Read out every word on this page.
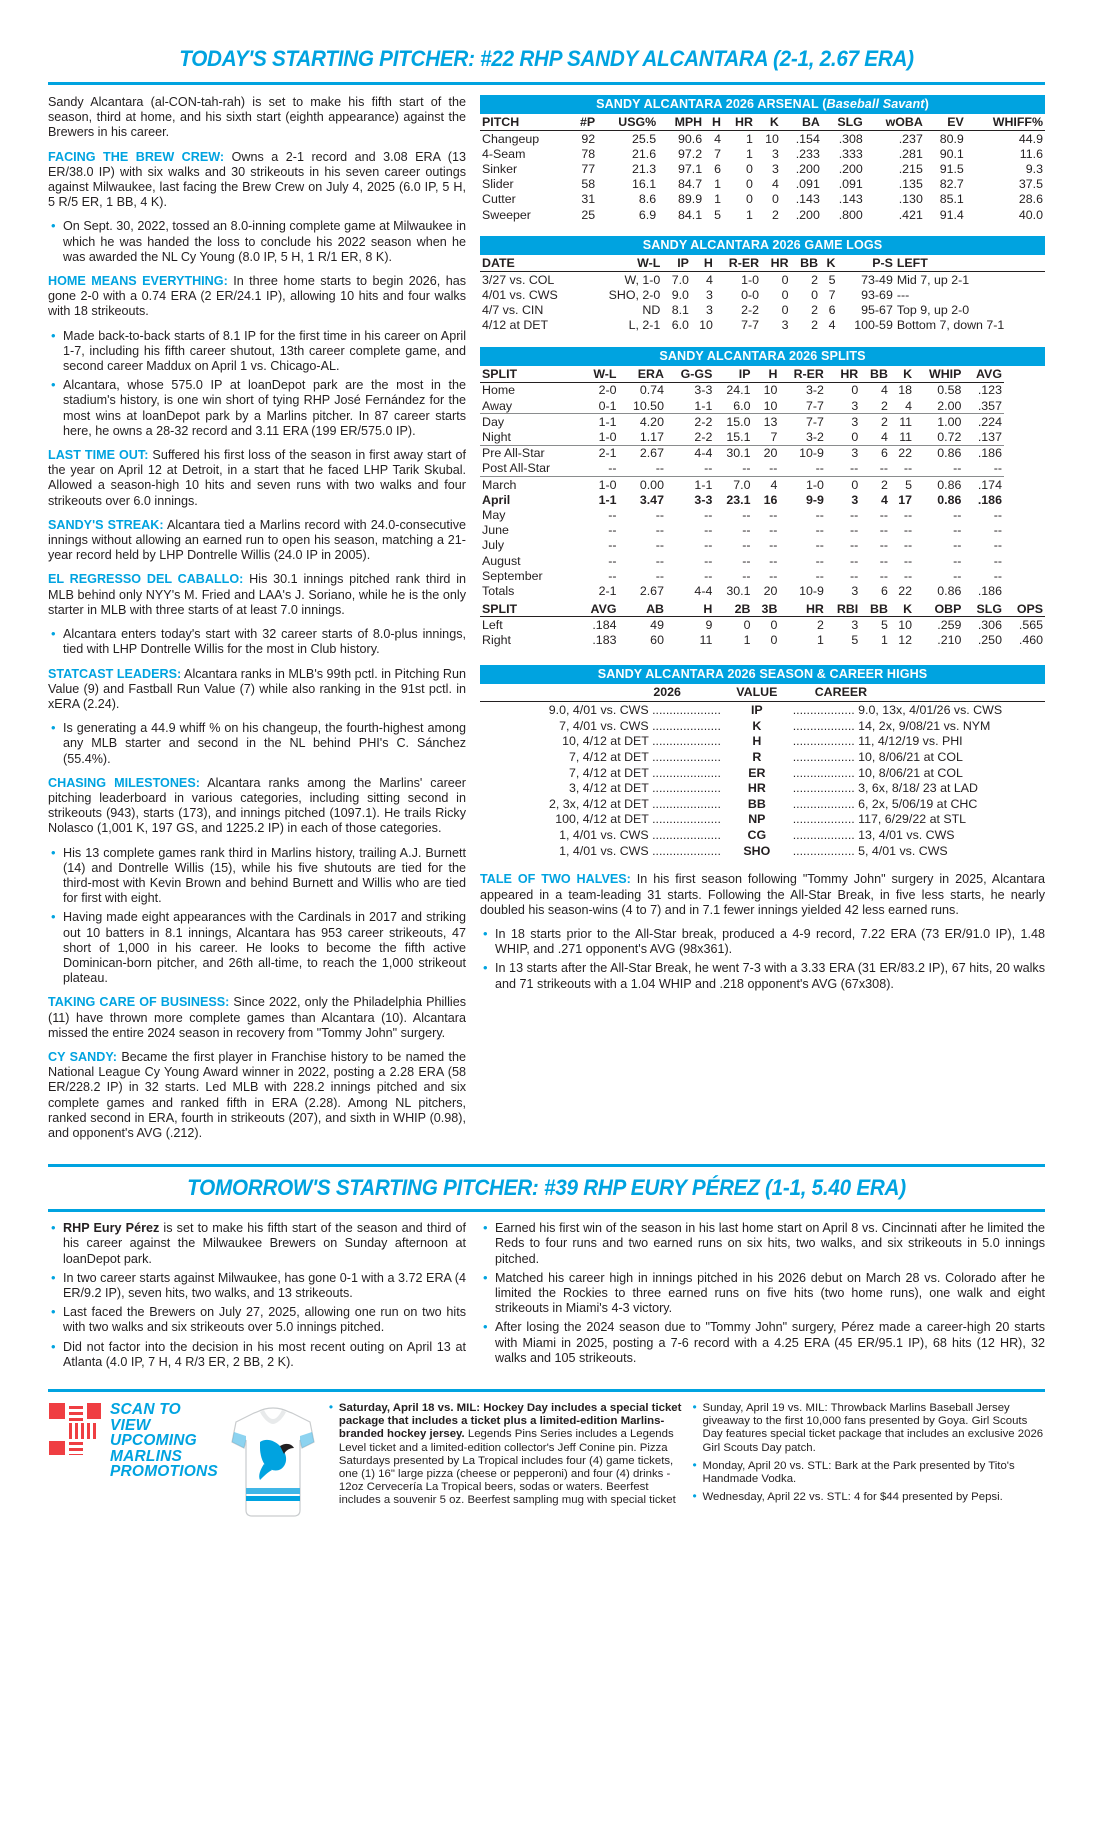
TODAY'S STARTING PITCHER: #22 RHP SANDY ALCANTARA (2-1, 2.67 ERA)

Sandy Alcantara (al-CON-tah-rah) is set to make his fifth start of the season, third at home, and his sixth start (eighth appearance) against the Brewers in his career.

FACING THE BREW CREW: Owns a 2-1 record and 3.08 ERA (13 ER/38.0 IP) with six walks and 30 strikeouts in his seven career outings against Milwaukee, last facing the Brew Crew on July 4, 2025 (6.0 IP, 5 H, 5 R/5 ER, 1 BB, 4 K).

• On Sept. 30, 2022, tossed an 8.0-inning complete game at Milwaukee in which he was handed the loss to conclude his 2022 season when he was awarded the NL Cy Young (8.0 IP, 5 H, 1 R/1 ER, 8 K).

HOME MEANS EVERYTHING: In three home starts to begin 2026, has gone 2-0 with a 0.74 ERA (2 ER/24.1 IP), allowing 10 hits and four walks with 18 strikeouts.

• Made back-to-back starts of 8.1 IP for the first time in his career on April 1-7, including his fifth career shutout, 13th career complete game, and second career Maddux on April 1 vs. Chicago-AL.
• Alcantara, whose 575.0 IP at loanDepot park are the most in the stadium's history, is one win short of tying RHP José Fernández for the most wins at loanDepot park by a Marlins pitcher. In 87 career starts here, he owns a 28-32 record and 3.11 ERA (199 ER/575.0 IP).

LAST TIME OUT: Suffered his first loss of the season in first away start of the year on April 12 at Detroit, in a start that he faced LHP Tarik Skubal. Allowed a season-high 10 hits and seven runs with two walks and four strikeouts over 6.0 innings.

SANDY'S STREAK: Alcantara tied a Marlins record with 24.0-consecutive innings without allowing an earned run to open his season, matching a 21-year record held by LHP Dontrelle Willis (24.0 IP in 2005).

EL REGRESSO DEL CABALLO: His 30.1 innings pitched rank third in MLB behind only NYY's M. Fried and LAA's J. Soriano, while he is the only starter in MLB with three starts of at least 7.0 innings.

• Alcantara enters today's start with 32 career starts of 8.0-plus innings, tied with LHP Dontrelle Willis for the most in Club history.

STATCAST LEADERS: Alcantara ranks in MLB's 99th pctl. in Pitching Run Value (9) and Fastball Run Value (7) while also ranking in the 91st pctl. in xERA (2.24).

• Is generating a 44.9 whiff % on his changeup, the fourth-highest among any MLB starter and second in the NL behind PHI's C. Sánchez (55.4%).

CHASING MILESTONES: Alcantara ranks among the Marlins' career pitching leaderboard in various categories, including sitting second in strikeouts (943), starts (173), and innings pitched (1097.1). He trails Ricky Nolasco (1,001 K, 197 GS, and 1225.2 IP) in each of those categories.

• His 13 complete games rank third in Marlins history, trailing A.J. Burnett (14) and Dontrelle Willis (15), while his five shutouts are tied for the third-most with Kevin Brown and behind Burnett and Willis who are tied for first with eight.
• Having made eight appearances with the Cardinals in 2017 and striking out 10 batters in 8.1 innings, Alcantara has 953 career strikeouts, 47 short of 1,000 in his career. He looks to become the fifth active Dominican-born pitcher, and 26th all-time, to reach the 1,000 strikeout plateau.

TAKING CARE OF BUSINESS: Since 2022, only the Philadelphia Phillies (11) have thrown more complete games than Alcantara (10). Alcantara missed the entire 2024 season in recovery from "Tommy John" surgery.

CY SANDY: Became the first player in Franchise history to be named the National League Cy Young Award winner in 2022, posting a 2.28 ERA (58 ER/228.2 IP) in 32 starts. Led MLB with 228.2 innings pitched and six complete games and ranked fifth in ERA (2.28). Among NL pitchers, ranked second in ERA, fourth in strikeouts (207), and sixth in WHIP (0.98), and opponent's AVG (.212).

SANDY ALCANTARA 2026 ARSENAL (Baseball Savant)
PITCH	#P	USG%	MPH	H	HR	K	BA	SLG	wOBA	EV	WHIFF%
Changeup	92	25.5	90.6	4	1	10	.154	.308	.237	80.9	44.9
4-Seam	78	21.6	97.2	7	1	3	.233	.333	.281	90.1	11.6
Sinker	77	21.3	97.1	6	0	3	.200	.200	.215	91.5	9.3
Slider	58	16.1	84.7	1	0	4	.091	.091	.135	82.7	37.5
Cutter	31	8.6	89.9	1	0	0	.143	.143	.130	85.1	28.6
Sweeper	25	6.9	84.1	5	1	2	.200	.800	.421	91.4	40.0
SANDY ALCANTARA 2026 GAME LOGS
DATE	W-L	IP	H	R-ER	HR	BB	K	P-S	LEFT
3/27 vs. COL	W, 1-0	7.0	4	1-0	0	2	5	73-49	Mid 7, up 2-1
4/01 vs. CWS	SHO, 2-0	9.0	3	0-0	0	0	7	93-69	---
4/7 vs. CIN	ND	8.1	3	2-2	0	2	6	95-67	Top 9, up 2-0
4/12 at DET	L, 2-1	6.0	10	7-7	3	2	4	100-59	Bottom 7, down 7-1
SANDY ALCANTARA 2026 SPLITS
SPLIT	W-L	ERA	G-GS	IP	H	R-ER	HR	BB	K	WHIP	AVG	
Home	2-0	0.74	3-3	24.1	10	3-2	0	4	18	0.58	.123	
Away	0-1	10.50	1-1	6.0	10	7-7	3	2	4	2.00	.357	
Day	1-1	4.20	2-2	15.0	13	7-7	3	2	11	1.00	.224	
Night	1-0	1.17	2-2	15.1	7	3-2	0	4	11	0.72	.137	
Pre All-Star	2-1	2.67	4-4	30.1	20	10-9	3	6	22	0.86	.186	
Post All-Star	--	--	--	--	--	--	--	--	--	--	--	
March	1-0	0.00	1-1	7.0	4	1-0	0	2	5	0.86	.174	
April	1-1	3.47	3-3	23.1	16	9-9	3	4	17	0.86	.186	
May	--	--	--	--	--	--	--	--	--	--	--	
June	--	--	--	--	--	--	--	--	--	--	--	
July	--	--	--	--	--	--	--	--	--	--	--	
August	--	--	--	--	--	--	--	--	--	--	--	
September	--	--	--	--	--	--	--	--	--	--	--	
Totals	2-1	2.67	4-4	30.1	20	10-9	3	6	22	0.86	.186	
SPLIT	AVG	AB	H	2B	3B	HR	RBI	BB	K	OBP	SLG	OPS
Left	.184	49	9	0	0	2	3	5	10	.259	.306	.565
Right	.183	60	11	1	0	1	5	1	12	.210	.250	.460
SANDY ALCANTARA 2026 SEASON & CAREER HIGHS
2026	VALUE	CAREER
9.0, 4/01 vs. CWS ....................	IP	.................. 9.0, 13x, 4/01/26 vs. CWS
7, 4/01 vs. CWS ....................	K	.................. 14, 2x, 9/08/21 vs. NYM
10, 4/12 at DET ....................	H	.................. 11, 4/12/19 vs. PHI
7, 4/12 at DET ....................	R	.................. 10, 8/06/21 at COL
7, 4/12 at DET ....................	ER	.................. 10, 8/06/21 at COL
3, 4/12 at DET ....................	HR	.................. 3, 6x, 8/18/ 23 at LAD
2, 3x, 4/12 at DET ....................	BB	.................. 6, 2x, 5/06/19 at CHC
100, 4/12 at DET ....................	NP	.................. 117, 6/29/22 at STL
1, 4/01 vs. CWS ....................	CG	.................. 13, 4/01 vs. CWS
1, 4/01 vs. CWS ....................	SHO	.................. 5, 4/01 vs. CWS

TALE OF TWO HALVES: In his first season following "Tommy John" surgery in 2025, Alcantara appeared in a team-leading 31 starts. Following the All-Star Break, in five less starts, he nearly doubled his season-wins (4 to 7) and in 7.1 fewer innings yielded 42 less earned runs.

• In 18 starts prior to the All-Star break, produced a 4-9 record, 7.22 ERA (73 ER/91.0 IP), 1.48 WHIP, and .271 opponent's AVG (98x361).
• In 13 starts after the All-Star Break, he went 7-3 with a 3.33 ERA (31 ER/83.2 IP), 67 hits, 20 walks and 71 strikeouts with a 1.04 WHIP and .218 opponent's AVG (67x308).
TOMORROW'S STARTING PITCHER: #39 RHP EURY PÉREZ (1-1, 5.40 ERA)
• RHP Eury Pérez is set to make his fifth start of the season and third of his career against the Milwaukee Brewers on Sunday afternoon at loanDepot park.
• In two career starts against Milwaukee, has gone 0-1 with a 3.72 ERA (4 ER/9.2 IP), seven hits, two walks, and 13 strikeouts.
• Last faced the Brewers on July 27, 2025, allowing one run on two hits with two walks and six strikeouts over 5.0 innings pitched.
• Did not factor into the decision in his most recent outing on April 13 at Atlanta (4.0 IP, 7 H, 4 R/3 ER, 2 BB, 2 K).
• Earned his first win of the season in his last home start on April 8 vs. Cincinnati after he limited the Reds to four runs and two earned runs on six hits, two walks, and six strikeouts in 5.0 innings pitched.
• Matched his career high in innings pitched in his 2026 debut on March 28 vs. Colorado after he limited the Rockies to three earned runs on five hits (two home runs), one walk and eight strikeouts in Miami's 4-3 victory.
• After losing the 2024 season due to "Tommy John" surgery, Pérez made a career-high 20 starts with Miami in 2025, posting a 7-6 record with a 4.25 ERA (45 ER/95.1 IP), 68 hits (12 HR), 32 walks and 105 strikeouts.
SCAN TO VIEW
UPCOMING
MARLINS
PROMOTIONS
• Saturday, April 18 vs. MIL: Hockey Day includes a special ticket package that includes a ticket plus a limited-edition Marlins-branded hockey jersey. Legends Pins Series includes a Legends Level ticket and a limited-edition collector's Jeff Conine pin. Pizza Saturdays presented by La Tropical includes four (4) game tickets, one (1) 16" large pizza (cheese or pepperoni) and four (4) drinks - 12oz Cervecería La Tropical beers, sodas or waters. Beerfest includes a souvenir 5 oz. Beerfest sampling mug with special ticket
• Sunday, April 19 vs. MIL: Throwback Marlins Baseball Jersey giveaway to the first 10,000 fans presented by Goya. Girl Scouts Day features special ticket package that includes an exclusive 2026 Girl Scouts Day patch.
• Monday, April 20 vs. STL: Bark at the Park presented by Tito's Handmade Vodka.
• Wednesday, April 22 vs. STL: 4 for $44 presented by Pepsi.
